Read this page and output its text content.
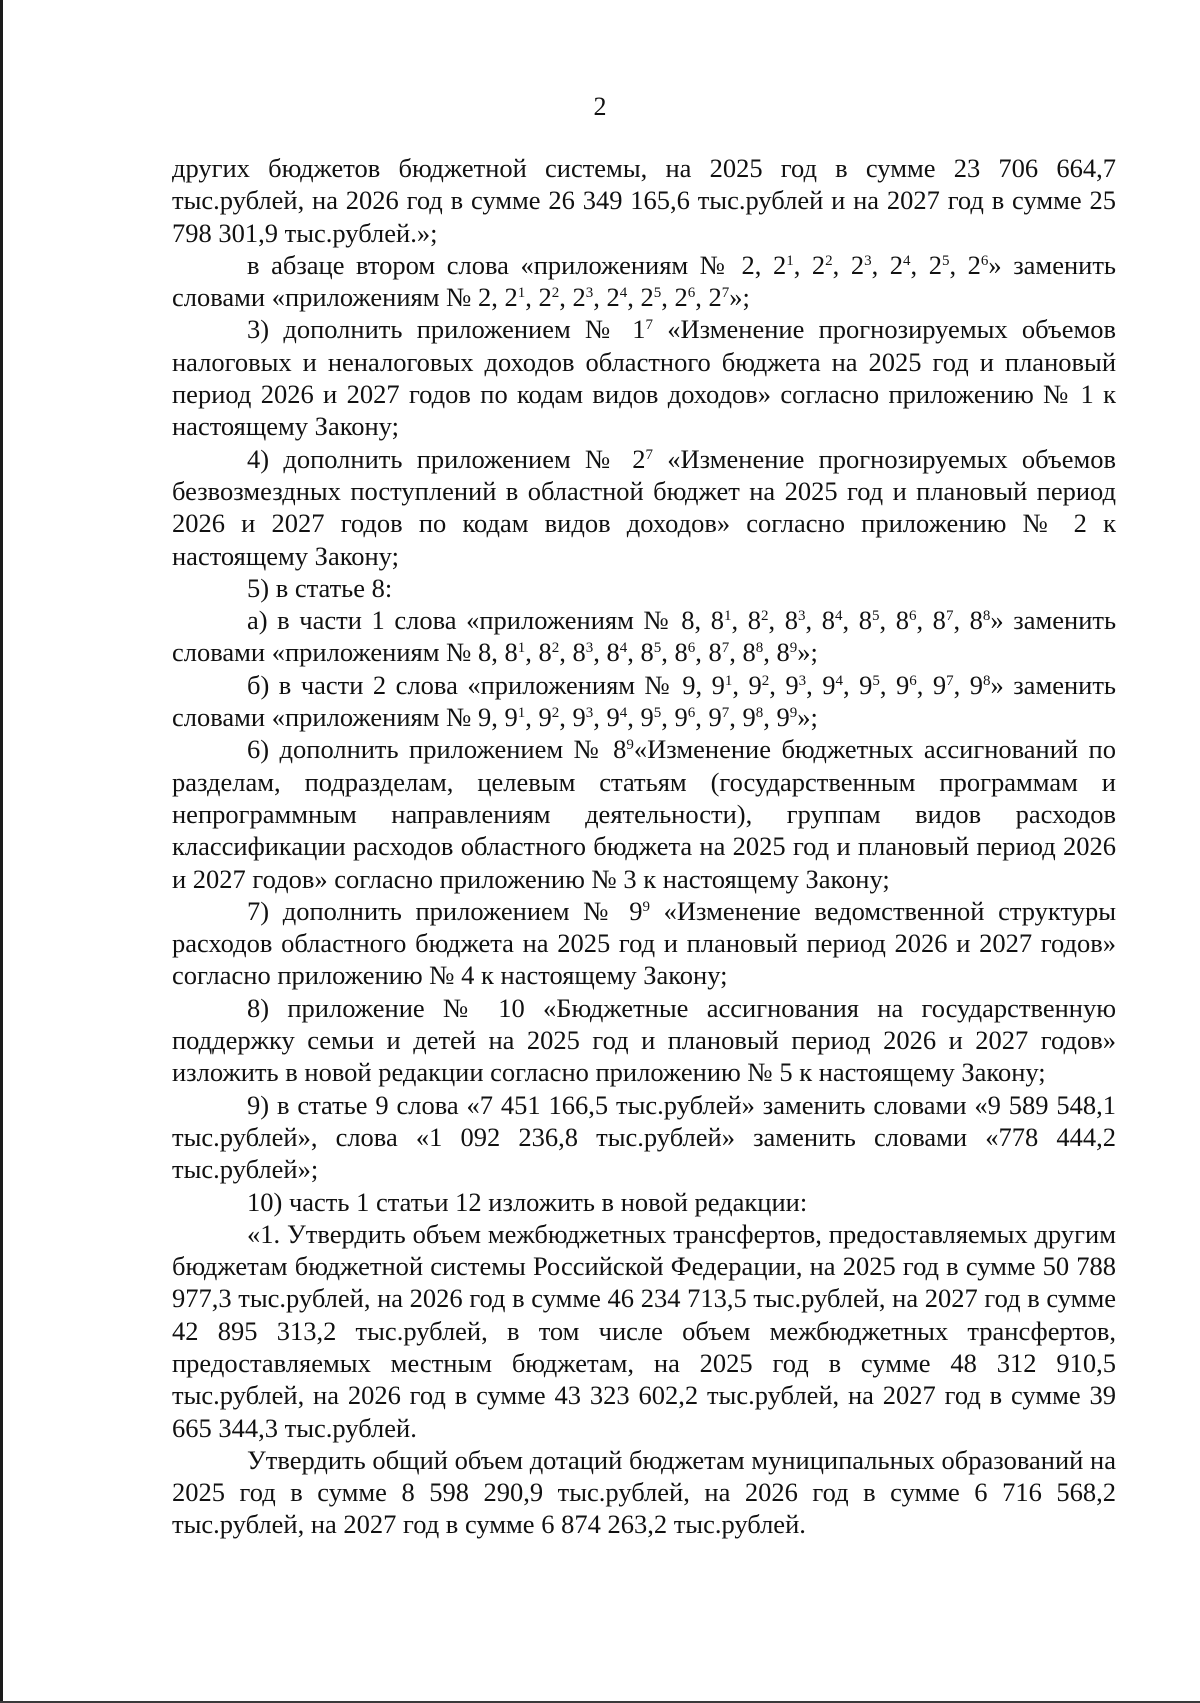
2

других бюджетов бюджетной системы, на 2025 год в сумме 23 706 664,7 тыс.рублей, на 2026 год в сумме 26 349 165,6 тыс.рублей и на 2027 год в сумме 25 798 301,9 тыс.рублей.»;

в абзаце втором слова «приложениям № 2, $2^1$, $2^2$, $2^3$, $2^4$, $2^5$, $2^6$» заменить словами «приложениям № 2, $2^1$, $2^2$, $2^3$, $2^4$, $2^5$, $2^6$, $2^7$»;

3) дополнить приложением № $1^7$ «Изменение прогнозируемых объемов налоговых и неналоговых доходов областного бюджета на 2025 год и плановый период 2026 и 2027 годов по кодам видов доходов» согласно приложению № 1 к настоящему Закону;

4) дополнить приложением № $2^7$ «Изменение прогнозируемых объемов безвозмездных поступлений в областной бюджет на 2025 год и плановый период 2026 и 2027 годов по кодам видов доходов» согласно приложению № 2 к настоящему Закону;

5) в статье 8:

а) в части 1 слова «приложениям № 8, $8^1$, $8^2$, $8^3$, $8^4$, $8^5$, $8^6$, $8^7$, $8^8$» заменить словами «приложениям № 8, $8^1$, $8^2$, $8^3$, $8^4$, $8^5$, $8^6$, $8^7$, $8^8$, $8^9$»;

б) в части 2 слова «приложениям № 9, $9^1$, $9^2$, $9^3$, $9^4$, $9^5$, $9^6$, $9^7$, $9^8$» заменить словами «приложениям № 9, $9^1$, $9^2$, $9^3$, $9^4$, $9^5$, $9^6$, $9^7$, $9^8$, $9^9$»;

6) дополнить приложением № $8^9«Изменение$ бюджетных ассигнований по разделам, подразделам, целевым статьям (государственным программам и непрограммным направлениям деятельности), группам видов расходов классификации расходов областного бюджета на 2025 год и плановый период 2026 и 2027 годов» согласно приложению № 3 к настоящему Закону;

7) дополнить приложением № $9^9$ «Изменение ведомственной структуры расходов областного бюджета на 2025 год и плановый период 2026 и 2027 годов» согласно приложению № 4 к настоящему Закону;

8) приложение № 10 «Бюджетные ассигнования на государственную поддержку семьи и детей на 2025 год и плановый период 2026 и 2027 годов» изложить в новой редакции согласно приложению № 5 к настоящему Закону;

9) в статье 9 слова «7 451 166,5 тыс.рублей» заменить словами «9 589 548,1 тыс.рублей», слова «1 092 236,8 тыс.рублей» заменить словами «778 444,2 тыс.рублей»;

10) часть 1 статьи 12 изложить в новой редакции:

«1. Утвердить объем межбюджетных трансфертов, предоставляемых другим бюджетам бюджетной системы Российской Федерации, на 2025 год в сумме 50 788 977,3 тыс.рублей, на 2026 год в сумме 46 234 713,5 тыс.рублей, на 2027 год в сумме 42 895 313,2 тыс.рублей, в том числе объем межбюджетных трансфертов, предоставляемых местным бюджетам, на 2025 год в сумме 48 312 910,5 тыс.рублей, на 2026 год в сумме 43 323 602,2 тыс.рублей, на 2027 год в сумме 39 665 344,3 тыс.рублей.

Утвердить общий объем дотаций бюджетам муниципальных образований на 2025 год в сумме 8 598 290,9 тыс.рублей, на 2026 год в сумме 6 716 568,2 тыс.рублей, на 2027 год в сумме 6 874 263,2 тыс.рублей.
